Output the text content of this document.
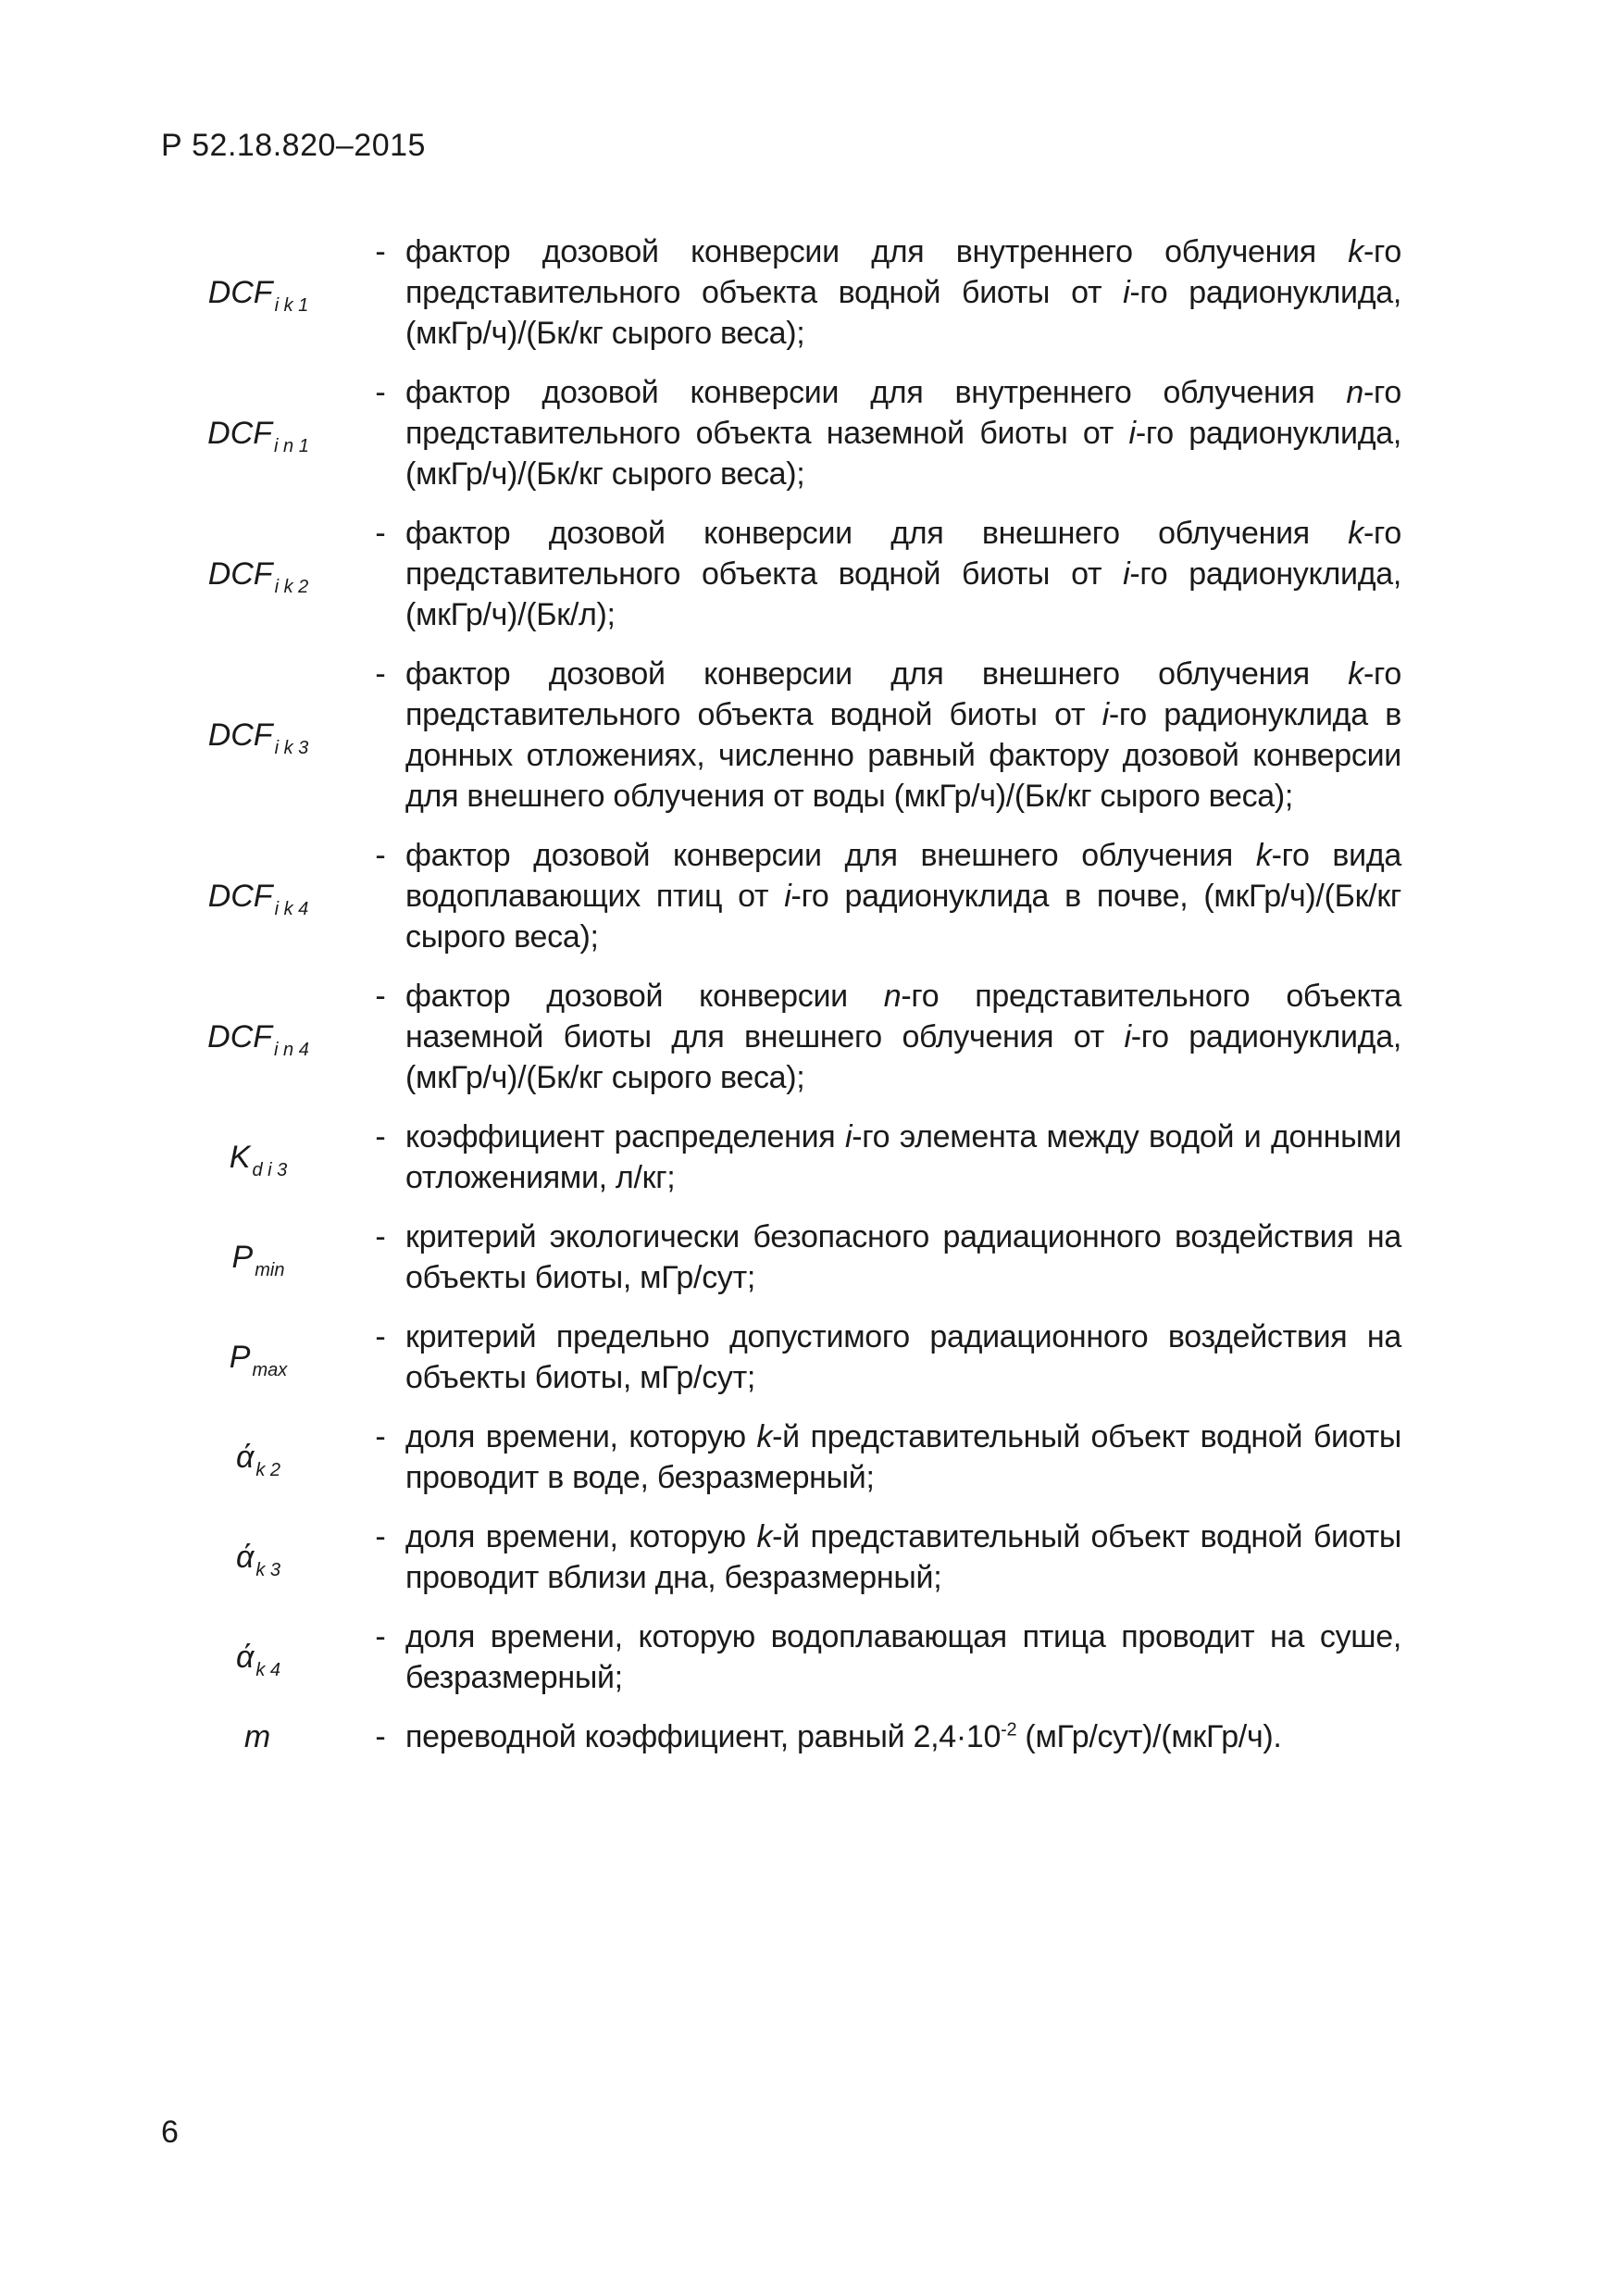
Р 52.18.820–2015
DCF i k 1
- фактор дозовой конверсии для внутреннего облучения k-го представительного объекта водной биоты от i-го радионуклида, (мкГр/ч)/(Бк/кг сырого веса);
DCF i n 1
- фактор дозовой конверсии для внутреннего облучения n-го представительного объекта наземной биоты от i-го радионуклида, (мкГр/ч)/(Бк/кг сырого веса);
DCF i k 2
- фактор дозовой конверсии для внешнего облучения k-го представительного объекта водной биоты от i-го радионуклида, (мкГр/ч)/(Бк/л);
DCF i k 3
- фактор дозовой конверсии для внешнего облучения k-го представительного объекта водной биоты от i-го радионуклида в донных отложениях, численно равный фактору дозовой конверсии для внешнего облучения от воды (мкГр/ч)/(Бк/кг сырого веса);
DCF i k 4
- фактор дозовой конверсии для внешнего облучения k-го вида водоплавающих птиц от i-го радионуклида в почве, (мкГр/ч)/(Бк/кг сырого веса);
DCF i n 4
- фактор дозовой конверсии n-го представительного объекта наземной биоты для внешнего облучения от i-го радионуклида, (мкГр/ч)/(Бк/кг сырого веса);
K d i 3
- коэффициент распределения i-го элемента между водой и донными отложениями, л/кг;
P min
- критерий экологически безопасного радиационного воздействия на объекты биоты, мГр/сут;
P max
- критерий предельно допустимого радиационного воздействия на объекты биоты, мГр/сут;
ά k 2
- доля времени, которую k-й представительный объект водной биоты проводит в воде, безразмерный;
ά k 3
- доля времени, которую k-й представительный объект водной биоты проводит вблизи дна, безразмерный;
ά k 4
- доля времени, которую водоплавающая птица проводит на суше, безразмерный;
т	- переводной коэффициент, равный $2,4\cdot 10^{-2}$ (мГр/сут)/(мкГр/ч).
6
